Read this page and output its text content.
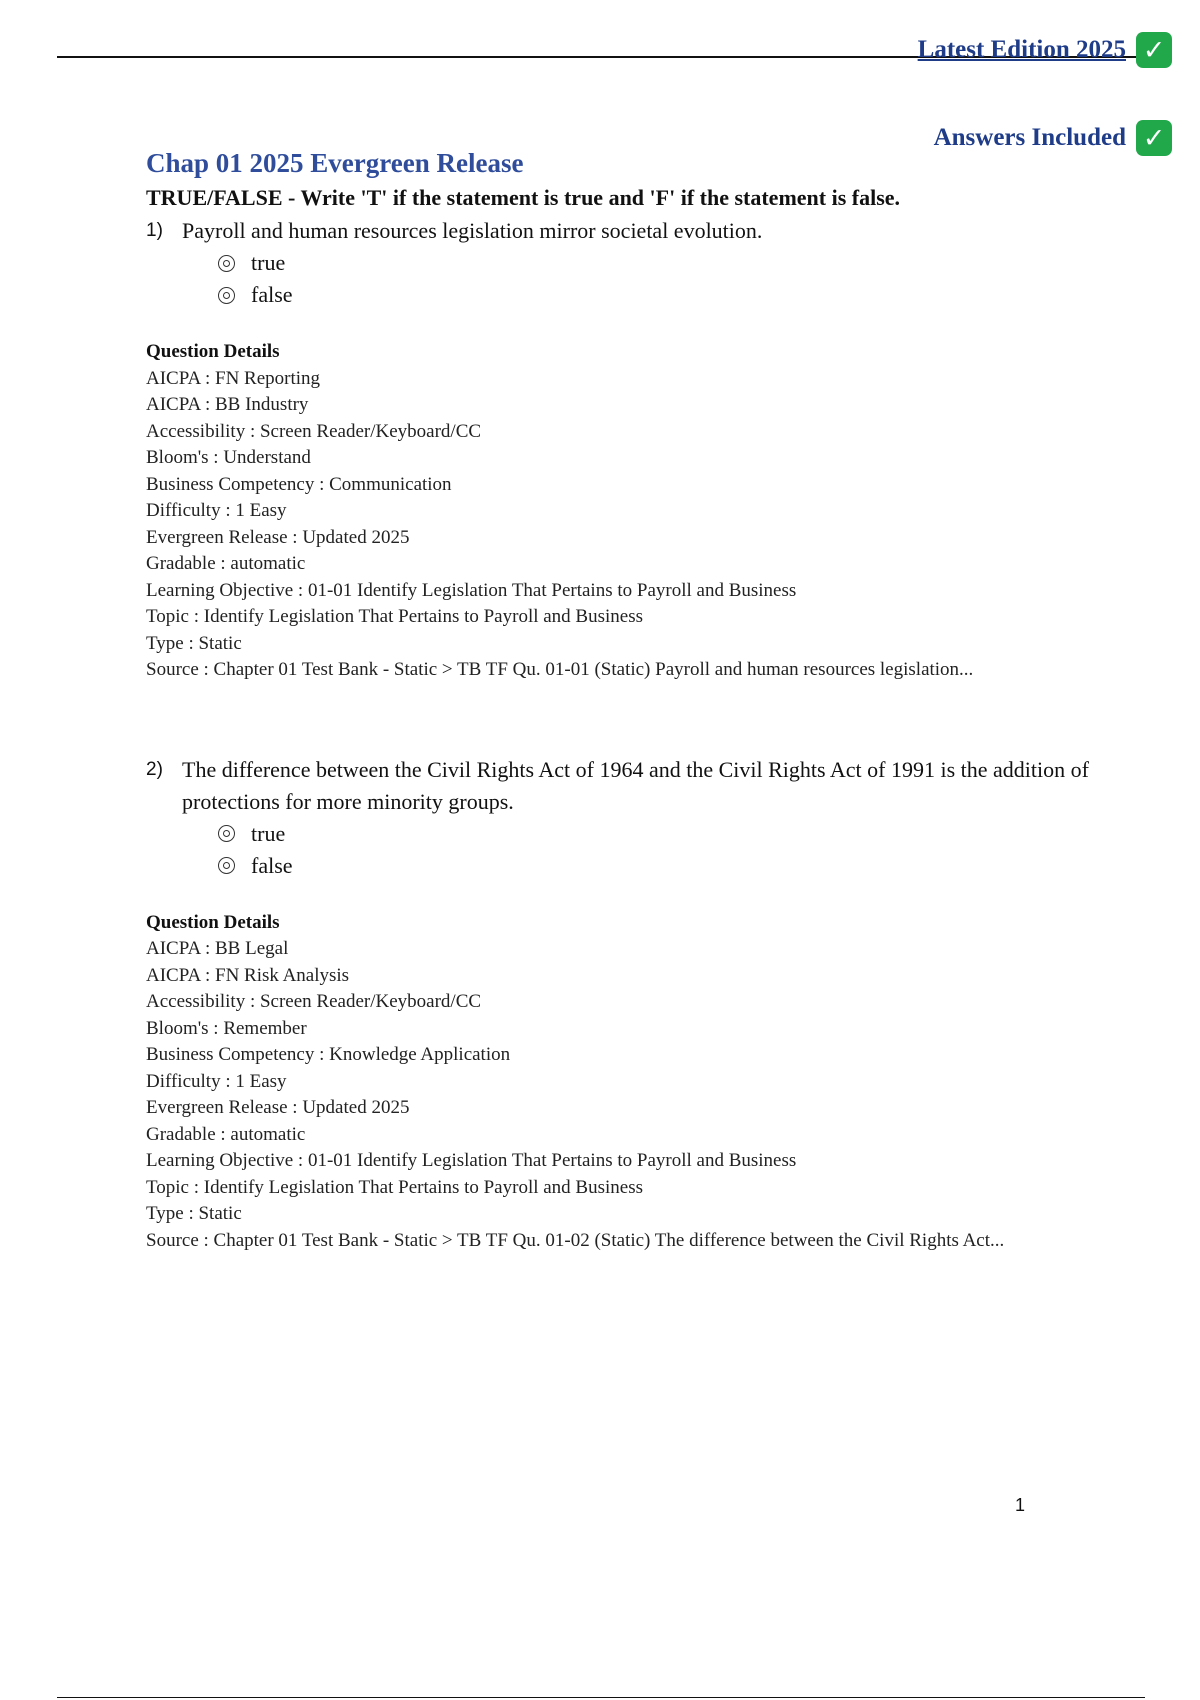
Latest Edition 2025 ✓
Answers Included ✓
Chap 01 2025 Evergreen Release

TRUE/FALSE - Write 'T' if the statement is true and 'F' if the statement is false.

1) Payroll and human resources legislation mirror societal evolution.
true
false
Question Details
AICPA : FN Reporting
AICPA : BB Industry
Accessibility : Screen Reader/Keyboard/CC
Bloom's : Understand
Business Competency : Communication
Difficulty : 1 Easy
Evergreen Release : Updated 2025
Gradable : automatic
Learning Objective : 01-01 Identify Legislation That Pertains to Payroll and Business
Topic : Identify Legislation That Pertains to Payroll and Business
Type : Static
Source : Chapter 01 Test Bank - Static > TB TF Qu. 01-01 (Static) Payroll and human resources legislation...
2) The difference between the Civil Rights Act of 1964 and the Civil Rights Act of 1991 is the addition of protections for more minority groups.
true
false
Question Details
AICPA : BB Legal
AICPA : FN Risk Analysis
Accessibility : Screen Reader/Keyboard/CC
Bloom's : Remember
Business Competency : Knowledge Application
Difficulty : 1 Easy
Evergreen Release : Updated 2025
Gradable : automatic
Learning Objective : 01-01 Identify Legislation That Pertains to Payroll and Business
Topic : Identify Legislation That Pertains to Payroll and Business
Type : Static
Source : Chapter 01 Test Bank - Static > TB TF Qu. 01-02 (Static) The difference between the Civil Rights Act...
1
